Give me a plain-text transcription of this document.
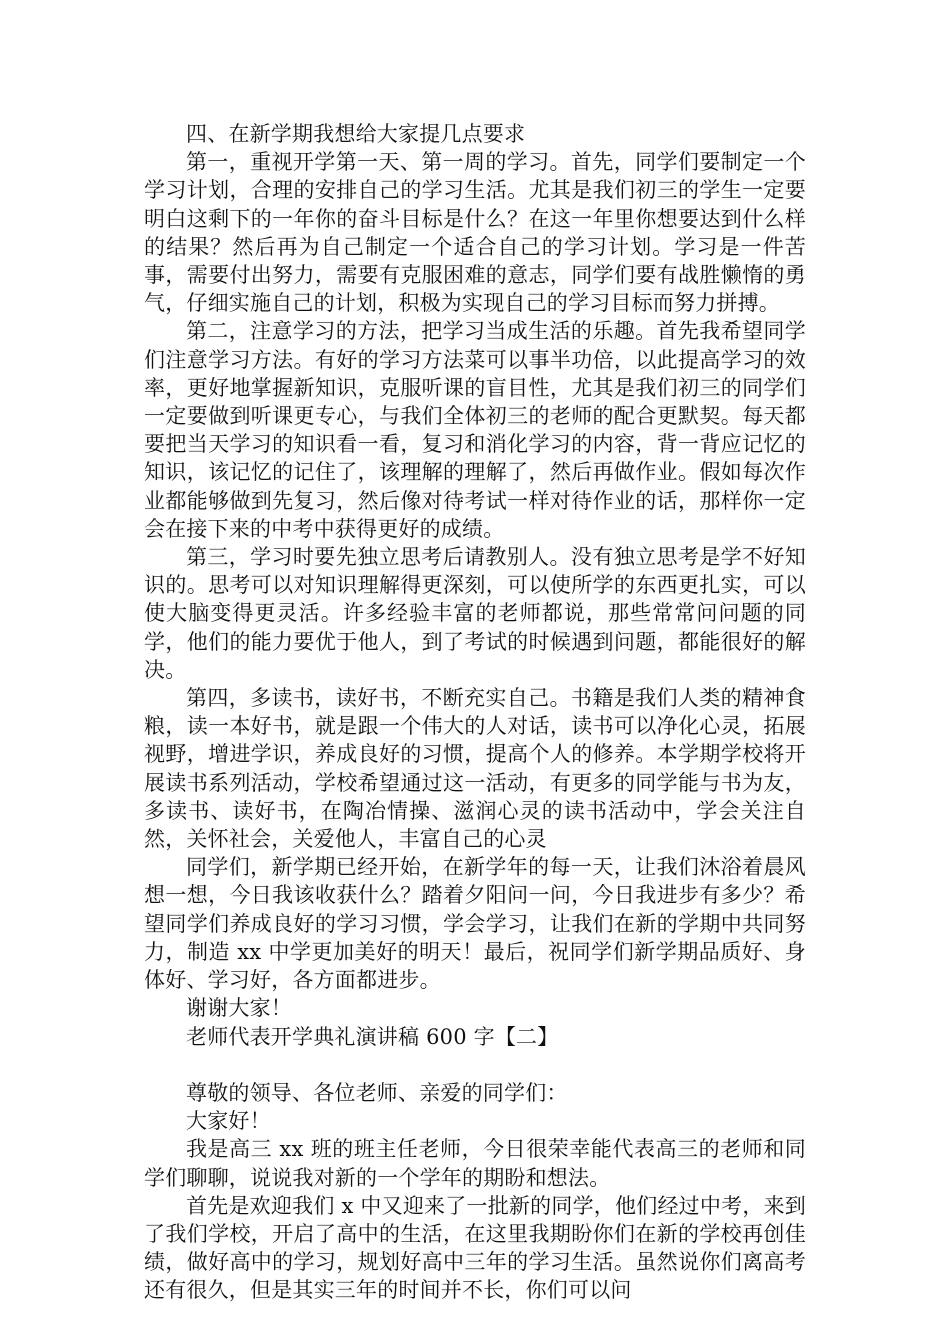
四、在新学期我想给大家提几点要求

第一，重视开学第一天、第一周的学习。首先，同学们要制定一个学习计划，合理的安排自己的学习生活。尤其是我们初三的学生一定要明白这剩下的一年你的奋斗目标是什么？在这一年里你想要达到什么样的结果？然后再为自己制定一个适合自己的学习计划。学习是一件苦事，需要付出努力，需要有克服困难的意志，同学们要有战胜懒惰的勇气，仔细实施自己的计划，积极为实现自己的学习目标而努力拼搏。

第二，注意学习的方法，把学习当成生活的乐趣。首先我希望同学们注意学习方法。有好的学习方法菜可以事半功倍，以此提高学习的效率，更好地掌握新知识，克服听课的盲目性，尤其是我们初三的同学们一定要做到听课更专心，与我们全体初三的老师的配合更默契。每天都要把当天学习的知识看一看，复习和消化学习的内容，背一背应记忆的知识，该记忆的记住了，该理解的理解了，然后再做作业。假如每次作业都能够做到先复习，然后像对待考试一样对待作业的话，那样你一定会在接下来的中考中获得更好的成绩。

第三，学习时要先独立思考后请教别人。没有独立思考是学不好知识的。思考可以对知识理解得更深刻，可以使所学的东西更扎实，可以使大脑变得更灵活。许多经验丰富的老师都说，那些常常问问题的同学，他们的能力要优于他人，到了考试的时候遇到问题，都能很好的解决。

第四，多读书，读好书，不断充实自己。书籍是我们人类的精神食粮，读一本好书，就是跟一个伟大的人对话，读书可以净化心灵，拓展视野，增进学识，养成良好的习惯，提高个人的修养。本学期学校将开展读书系列活动，学校希望通过这一活动，有更多的同学能与书为友，多读书、读好书，在陶冶情操、滋润心灵的读书活动中，学会关注自然，关怀社会，关爱他人，丰富自己的心灵

同学们，新学期已经开始，在新学年的每一天，让我们沐浴着晨风想一想，今日我该收获什么？踏着夕阳问一问，今日我进步有多少？希望同学们养成良好的学习习惯，学会学习，让我们在新的学期中共同努力，制造 xx 中学更加美好的明天！最后，祝同学们新学期品质好、身体好、学习好，各方面都进步。

谢谢大家！

老师代表开学典礼演讲稿 600 字【二】

尊敬的领导、各位老师、亲爱的同学们：

大家好！

我是高三 xx 班的班主任老师，今日很荣幸能代表高三的老师和同学们聊聊，说说我对新的一个学年的期盼和想法。

首先是欢迎我们 x 中又迎来了一批新的同学，他们经过中考，来到了我们学校，开启了高中的生活，在这里我期盼你们在新的学校再创佳绩，做好高中的学习，规划好高中三年的学习生活。虽然说你们离高考还有很久，但是其实三年的时间并不长，你们可以问
